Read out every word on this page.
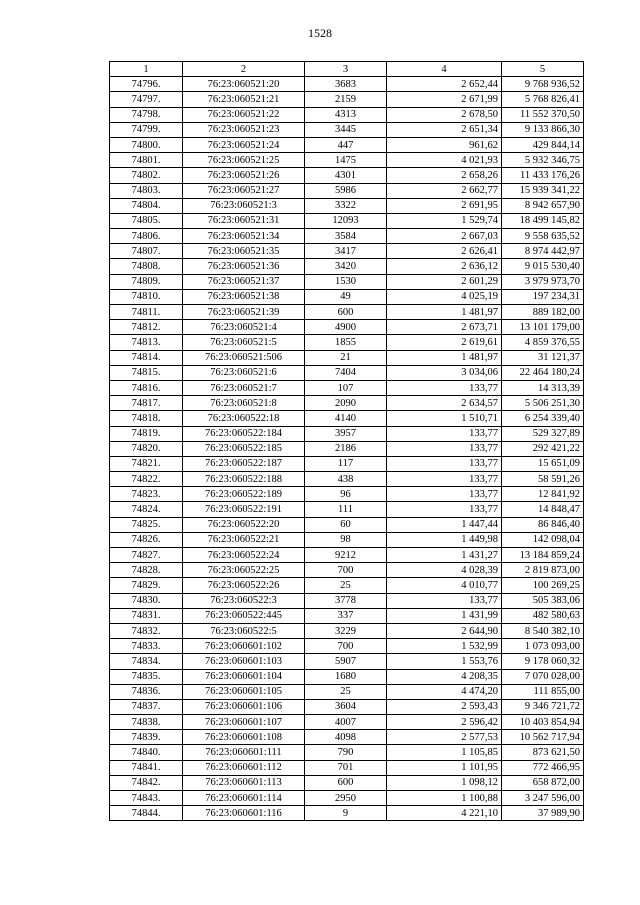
1528
1	2	3	4	5
74796.	76:23:060521:20	3683	2 652,44	9 768 936,52
74797.	76:23:060521:21	2159	2 671,99	5 768 826,41
74798.	76:23:060521:22	4313	2 678,50	11 552 370,50
74799.	76:23:060521:23	3445	2 651,34	9 133 866,30
74800.	76:23:060521:24	447	961,62	429 844,14
74801.	76:23:060521:25	1475	4 021,93	5 932 346,75
74802.	76:23:060521:26	4301	2 658,26	11 433 176,26
74803.	76:23:060521:27	5986	2 662,77	15 939 341,22
74804.	76:23:060521:3	3322	2 691,95	8 942 657,90
74805.	76:23:060521:31	12093	1 529,74	18 499 145,82
74806.	76:23:060521:34	3584	2 667,03	9 558 635,52
74807.	76:23:060521:35	3417	2 626,41	8 974 442,97
74808.	76:23:060521:36	3420	2 636,12	9 015 530,40
74809.	76:23:060521:37	1530	2 601,29	3 979 973,70
74810.	76:23:060521:38	49	4 025,19	197 234,31
74811.	76:23:060521:39	600	1 481,97	889 182,00
74812.	76:23:060521:4	4900	2 673,71	13 101 179,00
74813.	76:23:060521:5	1855	2 619,61	4 859 376,55
74814.	76:23:060521:506	21	1 481,97	31 121,37
74815.	76:23:060521:6	7404	3 034,06	22 464 180,24
74816.	76:23:060521:7	107	133,77	14 313,39
74817.	76:23:060521:8	2090	2 634,57	5 506 251,30
74818.	76:23:060522:18	4140	1 510,71	6 254 339,40
74819.	76:23:060522:184	3957	133,77	529 327,89
74820.	76:23:060522:185	2186	133,77	292 421,22
74821.	76:23:060522:187	117	133,77	15 651,09
74822.	76:23:060522:188	438	133,77	58 591,26
74823.	76:23:060522:189	96	133,77	12 841,92
74824.	76:23:060522:191	111	133,77	14 848,47
74825.	76:23:060522:20	60	1 447,44	86 846,40
74826.	76:23:060522:21	98	1 449,98	142 098,04
74827.	76:23:060522:24	9212	1 431,27	13 184 859,24
74828.	76:23:060522:25	700	4 028,39	2 819 873,00
74829.	76:23:060522:26	25	4 010,77	100 269,25
74830.	76:23:060522:3	3778	133,77	505 383,06
74831.	76:23:060522:445	337	1 431,99	482 580,63
74832.	76:23:060522:5	3229	2 644,90	8 540 382,10
74833.	76:23:060601:102	700	1 532,99	1 073 093,00
74834.	76:23:060601:103	5907	1 553,76	9 178 060,32
74835.	76:23:060601:104	1680	4 208,35	7 070 028,00
74836.	76:23:060601:105	25	4 474,20	111 855,00
74837.	76:23:060601:106	3604	2 593,43	9 346 721,72
74838.	76:23:060601:107	4007	2 596,42	10 403 854,94
74839.	76:23:060601:108	4098	2 577,53	10 562 717,94
74840.	76:23:060601:111	790	1 105,85	873 621,50
74841.	76:23:060601:112	701	1 101,95	772 466,95
74842.	76:23:060601:113	600	1 098,12	658 872,00
74843.	76:23:060601:114	2950	1 100,88	3 247 596,00
74844.	76:23:060601:116	9	4 221,10	37 989,90
